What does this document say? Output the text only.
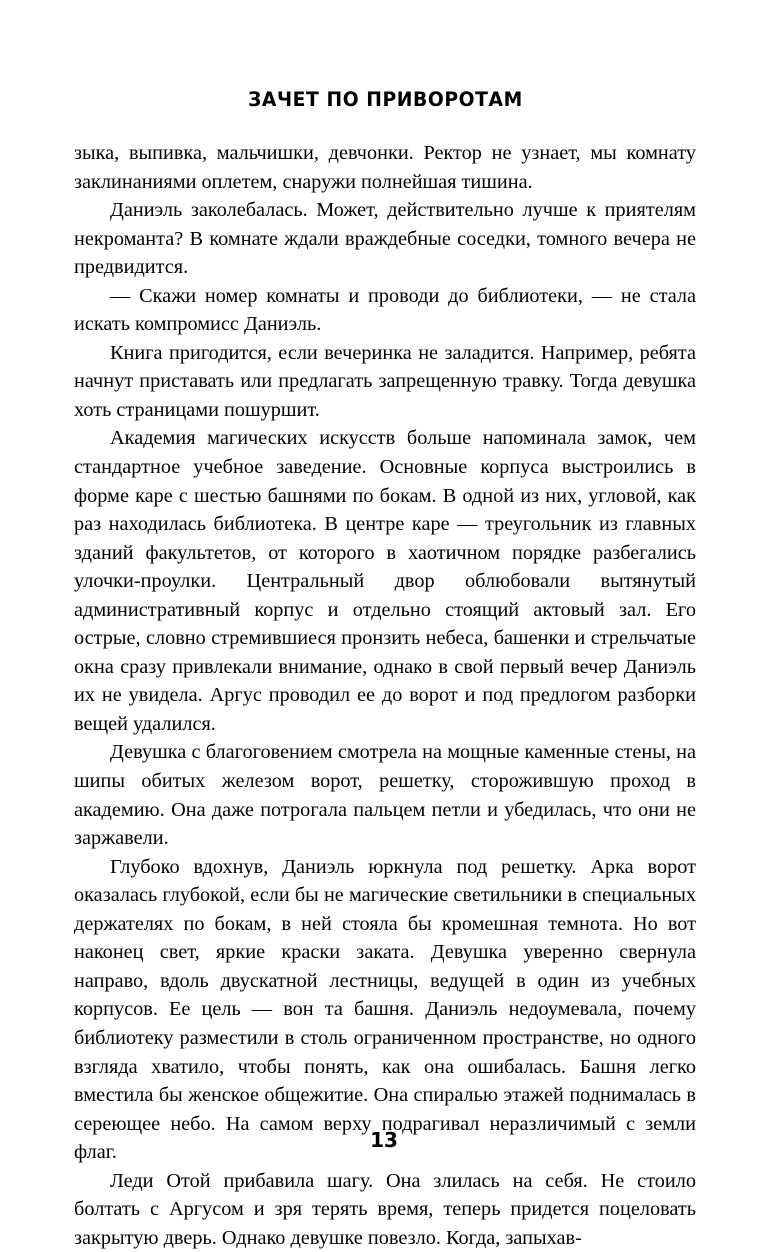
ЗАЧЕТ ПО ПРИВОРОТАМ

зыка, выпивка, мальчишки, девчонки. Ректор не узнает, мы комнату заклинаниями оплетем, снаружи полнейшая тишина.

Даниэль заколебалась. Может, действительно лучше к приятелям некроманта? В комнате ждали враждебные соседки, томного вечера не предвидится.

— Скажи номер комнаты и проводи до библиотеки, — не стала искать компромисс Даниэль.

Книга пригодится, если вечеринка не заладится. Например, ребята начнут приставать или предлагать запрещенную травку. Тогда девушка хоть страницами пошуршит.

Академия магических искусств больше напоминала замок, чем стандартное учебное заведение. Основные корпуса выстроились в форме каре с шестью башнями по бокам. В одной из них, угловой, как раз находилась библиотека. В центре каре — треугольник из главных зданий факультетов, от которого в хаотичном порядке разбегались улочки-проулки. Центральный двор облюбовали вытянутый административный корпус и отдельно стоящий актовый зал. Его острые, словно стремившиеся пронзить небеса, башенки и стрельчатые окна сразу привлекали внимание, однако в свой первый вечер Даниэль их не увидела. Аргус проводил ее до ворот и под предлогом разборки вещей удалился.

Девушка с благоговением смотрела на мощные каменные стены, на шипы обитых железом ворот, решетку, сторожившую проход в академию. Она даже потрогала пальцем петли и убедилась, что они не заржавели.

Глубоко вдохнув, Даниэль юркнула под решетку. Арка ворот оказалась глубокой, если бы не магические светильники в специальных держателях по бокам, в ней стояла бы кромешная темнота. Но вот наконец свет, яркие краски заката. Девушка уверенно свернула направо, вдоль двускатной лестницы, ведущей в один из учебных корпусов. Ее цель — вон та башня. Даниэль недоумевала, почему библиотеку разместили в столь ограниченном пространстве, но одного взгляда хватило, чтобы понять, как она ошибалась. Башня легко вместила бы женское общежитие. Она спиралью этажей поднималась в сереющее небо. На самом верху подрагивал неразличимый с земли флаг.

Леди Отой прибавила шагу. Она злилась на себя. Не стоило болтать с Аргусом и зря терять время, теперь придется поцеловать закрытую дверь. Однако девушке повезло. Когда, запыхав-

13
